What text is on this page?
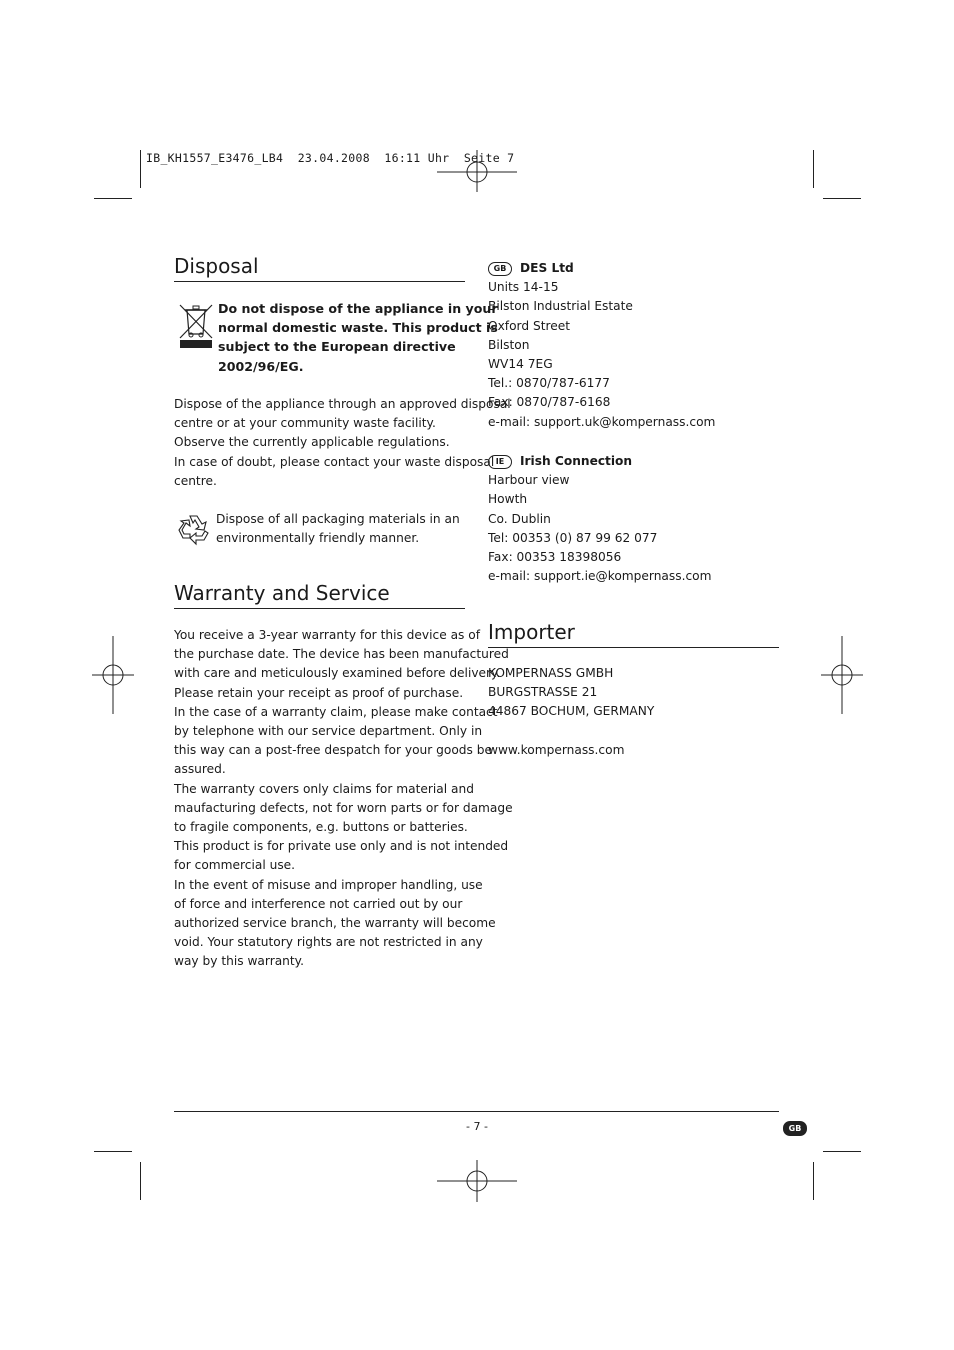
IB_KH1557_E3476_LB4  23.04.2008  16:11 Uhr  Seite 7
Disposal
Do not dispose of the appliance in your
normal domestic waste. This product is
subject to the European directive
2002/96/EG.
Dispose of the appliance through an approved disposal
centre or at your community waste facility.
Observe the currently applicable regulations.
In case of doubt, please contact your waste disposal
centre.
Dispose of all packaging materials in an
environmentally friendly manner.
Warranty and Service
You receive a 3-year warranty for this device as of
the purchase date. The device has been manufactured
with care and meticulously examined before delivery.
Please retain your receipt as proof of purchase.
In the case of a warranty claim, please make contact
by telephone with our service department. Only in
this way can a post-free despatch for your goods be
assured.
The warranty covers only claims for material and
maufacturing defects, not for worn parts or for damage
to fragile components, e.g. buttons or batteries.
This product is for private use only and is not intended
for commercial use.
In the event of misuse and improper handling, use
of force and interference not carried out by our
authorized service branch, the warranty will become
void. Your statutory rights are not restricted in any
way by this warranty.
GB DES Ltd
Units 14-15
Bilston Industrial Estate
Oxford Street
Bilston
WV14 7EG
Tel.: 0870/787-6177
Fax: 0870/787-6168
e-mail: support.uk@kompernass.com
IE Irish Connection
Harbour view
Howth
Co. Dublin
Tel: 00353 (0) 87 99 62 077
Fax: 00353 18398056
e-mail: support.ie@kompernass.com
Importer
KOMPERNASS GMBH
BURGSTRASSE 21
44867 BOCHUM, GERMANY
www.kompernass.com
- 7 -	GB
